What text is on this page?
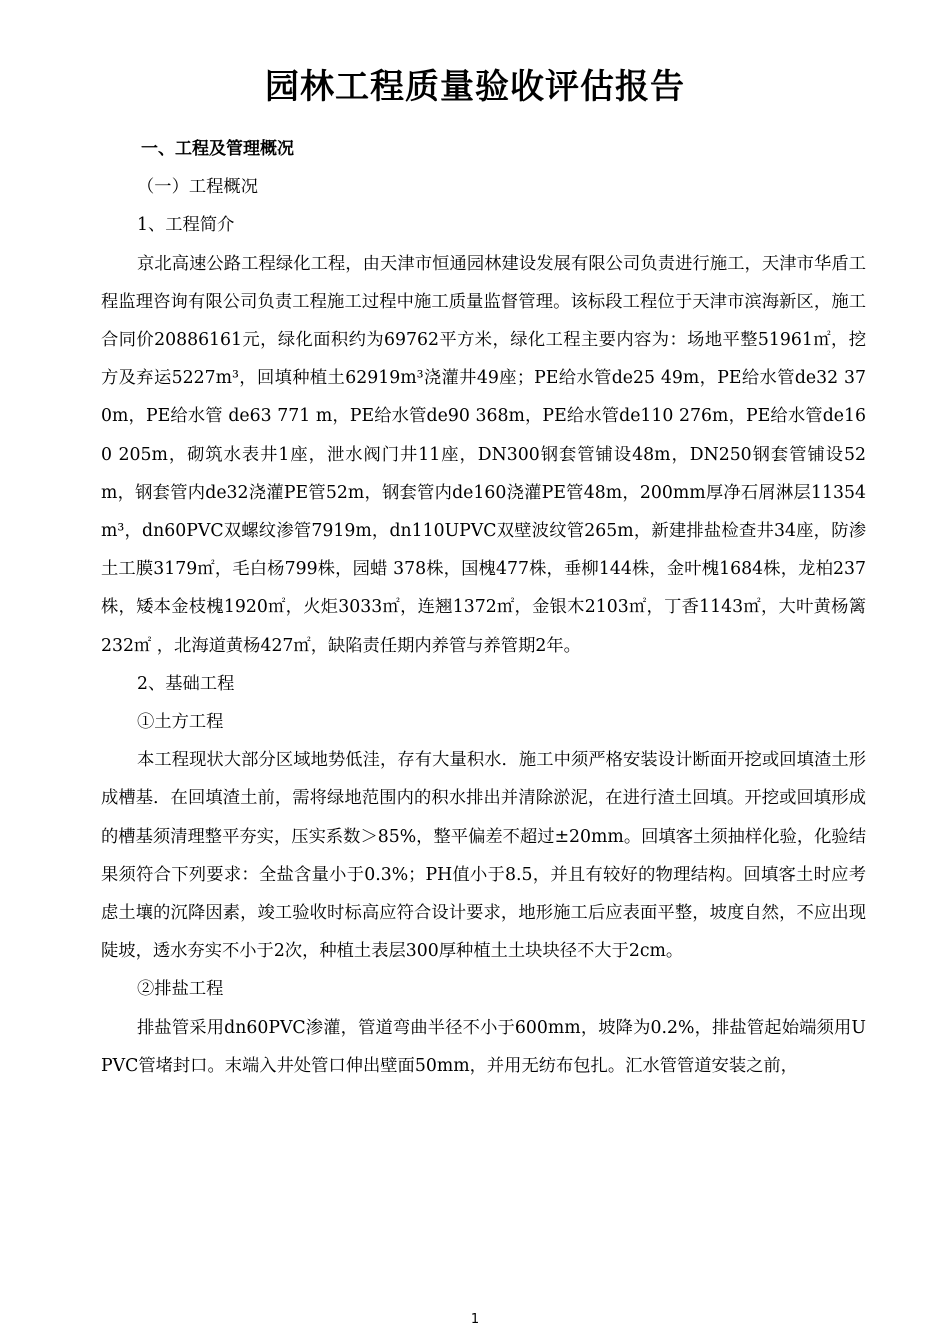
园林工程质量验收评估报告

一、工程及管理概况

（一）工程概况

1、工程简介

京北高速公路工程绿化工程，由天津市恒通园林建设发展有限公司负责进行施工，天津市华盾工程监理咨询有限公司负责工程施工过程中施工质量监督管理。该标段工程位于天津市滨海新区，施工合同价20886161元，绿化面积约为69762平方米，绿化工程主要内容为：场地平整51961㎡，挖方及弃运5227m³，回填种植土62919m³浇灌井49座；PE给水管de25 49m，PE给水管de32 370m，PE给水管 de63 771 m，PE给水管de90 368m，PE给水管de110 276m，PE给水管de160 205m，砌筑水表井1座，泄水阀门井11座，DN300钢套管铺设48m，DN250钢套管铺设52m，钢套管内de32浇灌PE管52m，钢套管内de160浇灌PE管48m，200mm厚净石屑淋层11354m³，dn60PVC双螺纹渗管7919m，dn110UPVC双壁波纹管265m，新建排盐检查井34座，防渗土工膜3179㎡，毛白杨799株，园蜡 378株，国槐477株，垂柳144株，金叶槐1684株，龙柏237株，矮本金枝槐1920㎡，火炬3033㎡，连翘1372㎡，金银木2103㎡，丁香1143㎡，大叶黄杨篱232㎡ ，北海道黄杨427㎡，缺陷责任期内养管与养管期2年。

2、基础工程

①土方工程

本工程现状大部分区域地势低洼，存有大量积水．施工中须严格安装设计断面开挖或回填渣土形成槽基．在回填渣土前，需将绿地范围内的积水排出并清除淤泥，在进行渣土回填。开挖或回填形成的槽基须清理整平夯实，压实系数＞85%，整平偏差不超过±20mm。回填客土须抽样化验，化验结果须符合下列要求：全盐含量小于0.3%；PH值小于8.5，并且有较好的物理结构。回填客土时应考虑土壤的沉降因素，竣工验收时标高应符合设计要求，地形施工后应表面平整，坡度自然，不应出现陡坡，透水夯实不小于2次，种植土表层300厚种植土土块块径不大于2cm。

②排盐工程

排盐管采用dn60PVC渗灌，管道弯曲半径不小于600mm，坡降为0.2%，排盐管起始端须用UPVC管堵封口。末端入井处管口伸出壁面50mm，并用无纺布包扎。汇水管管道安装之前，

1
